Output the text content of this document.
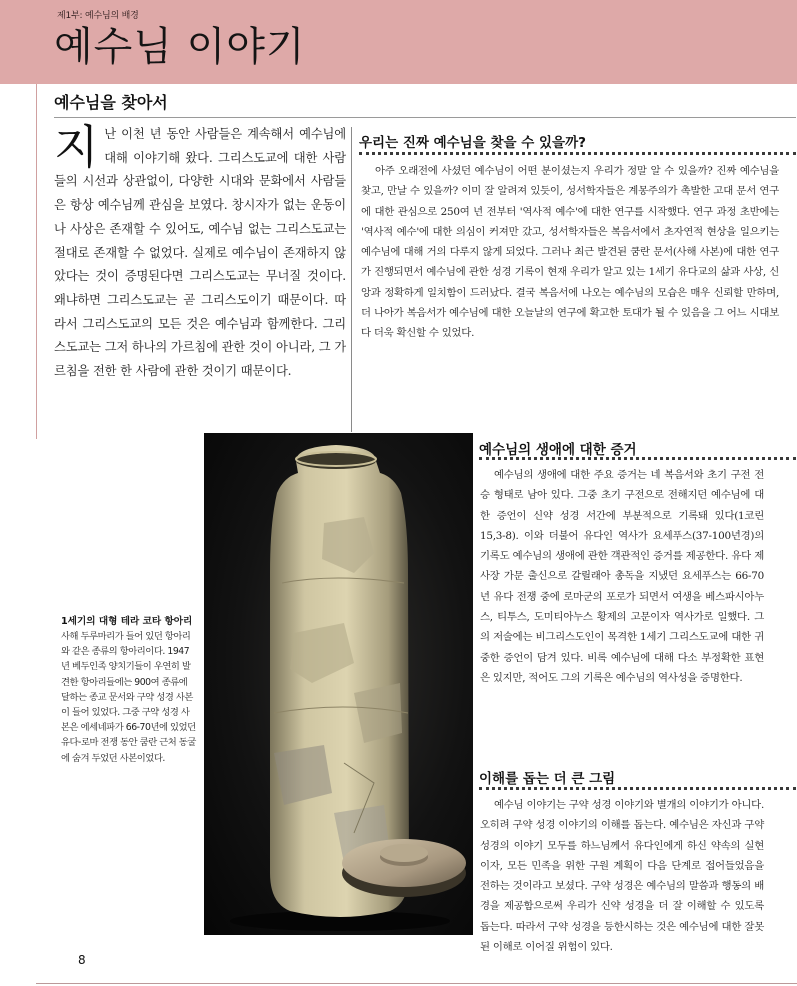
제1부: 예수님의 배경
예수님 이야기
예수님을 찾아서
지난 이천 년 동안 사람들은 계속해서 예수님에 대해 이야기해 왔다. 그리스도교에 대한 사람들의 시선과 상관없이, 다양한 시대와 문화에서 사람들은 항상 예수님께 관심을 보였다. 창시자가 없는 운동이나 사상은 존재할 수 있어도, 예수님 없는 그리스도교는 절대로 존재할 수 없었다. 실제로 예수님이 존재하지 않았다는 것이 증명된다면 그리스도교는 무너질 것이다. 왜냐하면 그리스도교는 곧 그리스도이기 때문이다. 따라서 그리스도교의 모든 것은 예수님과 함께한다. 그리스도교는 그저 하나의 가르침에 관한 것이 아니라, 그 가르침을 전한 한 사람에 관한 것이기 때문이다.
우리는 진짜 예수님을 찾을 수 있을까?
아주 오래전에 사셨던 예수님이 어떤 분이셨는지 우리가 정말 알 수 있을까? 진짜 예수님을 찾고, 만날 수 있을까? 이미 잘 알려져 있듯이, 성서학자들은 계몽주의가 촉발한 고대 문서 연구에 대한 관심으로 250여 년 전부터 '역사적 예수'에 대한 연구를 시작했다. 연구 과정 초반에는 '역사적 예수'에 대한 의심이 커져만 갔고, 성서학자들은 복음서에서 초자연적 현상을 일으키는 예수님에 대해 거의 다루지 않게 되었다. 그러나 최근 발견된 쿰란 문서(사해 사본)에 대한 연구가 진행되면서 예수님에 관한 성경 기록이 현재 우리가 알고 있는 1세기 유다교의 삶과 사상, 신앙과 정확하게 일치함이 드러났다. 결국 복음서에 나오는 예수님의 모습은 매우 신뢰할 만하며, 더 나아가 복음서가 예수님에 대한 오늘날의 연구에 확고한 토대가 될 수 있음을 그 어느 시대보다 더욱 확신할 수 있었다.
1세기의 대형 테라 코타 항아리
사해 두루마리가 들어 있던 항아리와 같은 종류의 항아리이다. 1947년 베두인족 양치기들이 우연히 발견한 항아리들에는 900여 종류에 달하는 종교 문서와 구약 성경 사본이 들어 있었다. 그중 구약 성경 사본은 에세네파가 66-70년에 있었던 유다-로마 전쟁 동안 쿰란 근처 동굴에 숨겨 두었던 사본이었다.
예수님의 생애에 대한 증거
예수님의 생애에 대한 주요 증거는 네 복음서와 초기 구전 전승 형태로 남아 있다. 그중 초기 구전으로 전해지던 예수님에 대한 증언이 신약 성경 서간에 부분적으로 기록돼 있다(1코린 15,3-8). 이와 더불어 유다인 역사가 요세푸스(37-100년경)의 기록도 예수님의 생애에 관한 객관적인 증거를 제공한다. 유다 제사장 가문 출신으로 갈릴래아 총독을 지냈던 요세푸스는 66-70년 유다 전쟁 중에 로마군의 포로가 되면서 여생을 베스파시아누스, 티투스, 도미티아누스 황제의 고문이자 역사가로 일했다. 그의 저술에는 비그리스도인이 목격한 1세기 그리스도교에 대한 귀중한 증언이 담겨 있다. 비록 예수님에 대해 다소 부정확한 표현은 있지만, 적어도 그의 기록은 예수님의 역사성을 증명한다.
이해를 돕는 더 큰 그림
예수님 이야기는 구약 성경 이야기와 별개의 이야기가 아니다. 오히려 구약 성경 이야기의 이해를 돕는다. 예수님은 자신과 구약 성경의 이야기 모두를 하느님께서 유다인에게 하신 약속의 실현이자, 모든 민족을 위한 구원 계획이 다음 단계로 접어들었음을 전하는 것이라고 보셨다. 구약 성경은 예수님의 말씀과 행동의 배경을 제공함으로써 우리가 신약 성경을 더 잘 이해할 수 있도록 돕는다. 따라서 구약 성경을 등한시하는 것은 예수님에 대한 잘못된 이해로 이어질 위험이 있다.
8
